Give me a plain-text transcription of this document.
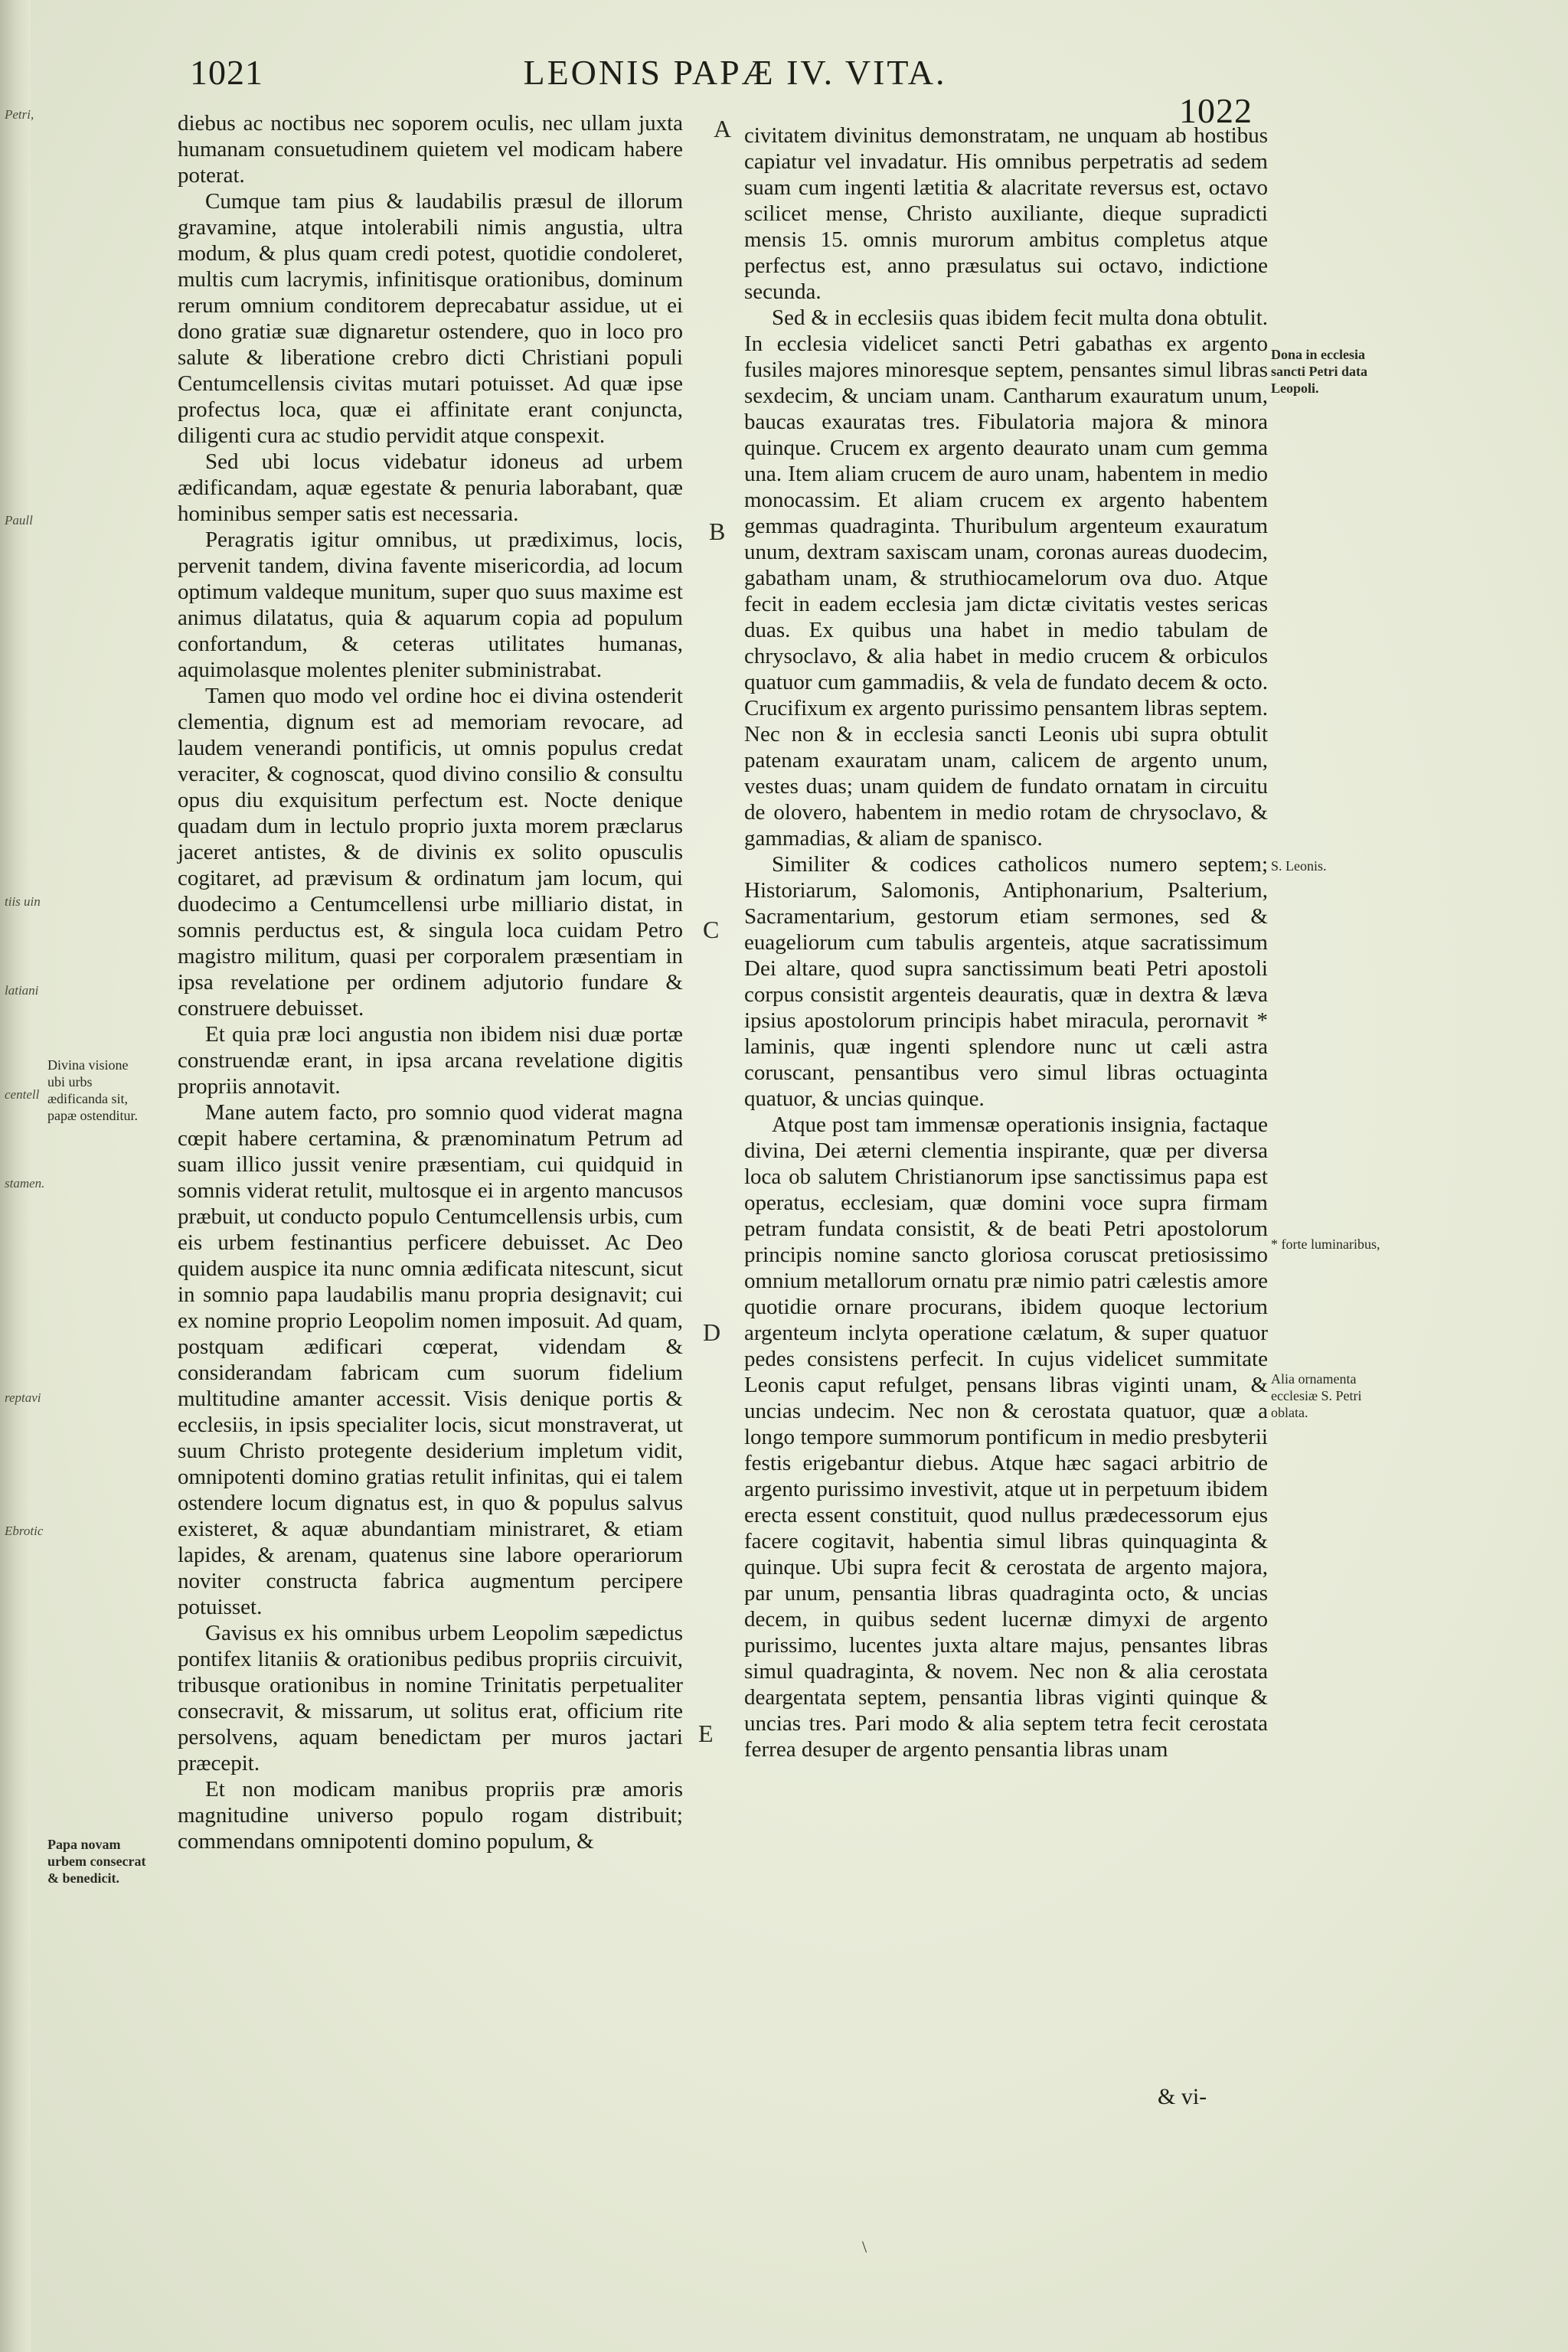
Petri,
Paull
tiis uin
latiani
centell
stamen.
reptavi
Ebrotic
1021	LEONIS PAPÆ IV. VITA.
1022

diebus ac noctibus nec soporem oculis, nec ullam juxta humanam consuetudinem quietem vel modicam habere poterat.

Cumque tam pius & laudabilis præsul de illorum gravamine, atque intolerabili nimis angustia, ultra modum, & plus quam credi potest, quotidie condoleret, multis cum lacrymis, infinitisque orationibus, dominum rerum omnium conditorem deprecabatur assidue, ut ei dono gratiæ suæ dignaretur ostendere, quo in loco pro salute & liberatione crebro dicti Christiani populi Centumcellensis civitas mutari potuisset. Ad quæ ipse profectus loca, quæ ei affinitate erant conjuncta, diligenti cura ac studio pervidit atque conspexit.

Sed ubi locus videbatur idoneus ad urbem ædificandam, aquæ egestate & penuria laborabant, quæ hominibus semper satis est necessaria.

Peragratis igitur omnibus, ut prædiximus, locis, pervenit tandem, divina favente misericordia, ad locum optimum valdeque munitum, super quo suus maxime est animus dilatatus, quia & aquarum copia ad populum confortandum, & ceteras utilitates humanas, aquimolasque molentes pleniter subministrabat.

Tamen quo modo vel ordine hoc ei divina ostenderit clementia, dignum est ad memoriam revocare, ad laudem venerandi pontificis, ut omnis populus credat veraciter, & cognoscat, quod divino consilio & consultu opus diu exquisitum perfectum est. Nocte denique quadam dum in lectulo proprio juxta morem præclarus jaceret antistes, & de divinis ex solito opusculis cogitaret, ad prævisum & ordinatum jam locum, qui duodecimo a Centumcellensi urbe milliario distat, in somnis perductus est, & singula loca cuidam Petro magistro militum, quasi per corporalem præsentiam in ipsa revelatione per ordinem adjutorio fundare & construere debuisset.

Et quia præ loci angustia non ibidem nisi duæ portæ construendæ erant, in ipsa arcana revelatione digitis propriis annotavit.

Mane autem facto, pro somnio quod viderat magna cœpit habere certamina, & prænominatum Petrum ad suam illico jussit venire præsentiam, cui quidquid in somnis viderat retulit, multosque ei in argento mancusos præbuit, ut conducto populo Centumcellensis urbis, cum eis urbem festinantius perficere debuisset. Ac Deo quidem auspice ita nunc omnia ædificata nitescunt, sicut in somnio papa laudabilis manu propria designavit; cui ex nomine proprio Leopolim nomen imposuit. Ad quam, postquam ædificari cœperat, videndam & considerandam fabricam cum suorum fidelium multitudine amanter accessit. Visis denique portis & ecclesiis, in ipsis specialiter locis, sicut monstraverat, ut suum Christo protegente desiderium impletum vidit, omnipotenti domino gratias retulit infinitas, qui ei talem ostendere locum dignatus est, in quo & populus salvus existeret, & aquæ abundantiam ministraret, & etiam lapides, & arenam, quatenus sine labore operariorum noviter constructa fabrica augmentum percipere potuisset.

Gavisus ex his omnibus urbem Leopolim sæpedictus pontifex litaniis & orationibus pedibus propriis circuivit, tribusque orationibus in nomine Trinitatis perpetualiter consecravit, & missarum, ut solitus erat, officium rite persolvens, aquam benedictam per muros jactari præcepit.

Et non modicam manibus propriis præ amoris magnitudine universo populo rogam distribuit; commendans omnipotenti domino populum, &

A
B
C
D
E

civitatem divinitus demonstratam, ne unquam ab hostibus capiatur vel invadatur. His omnibus perpetratis ad sedem suam cum ingenti lætitia & alacritate reversus est, octavo scilicet mense, Christo auxiliante, dieque supradicti mensis 15. omnis murorum ambitus completus atque perfectus est, anno præsulatus sui octavo, indictione secunda.

Sed & in ecclesiis quas ibidem fecit multa dona obtulit. In ecclesia videlicet sancti Petri gabathas ex argento fusiles majores minoresque septem, pensantes simul libras sexdecim, & unciam unam. Cantharum exauratum unum, baucas exauratas tres. Fibulatoria majora & minora quinque. Crucem ex argento deaurato unam cum gemma una. Item aliam crucem de auro unam, habentem in medio monocassim. Et aliam crucem ex argento habentem gemmas quadraginta. Thuribulum argenteum exauratum unum, dextram saxiscam unam, coronas aureas duodecim, gabatham unam, & struthiocamelorum ova duo. Atque fecit in eadem ecclesia jam dictæ civitatis vestes sericas duas. Ex quibus una habet in medio tabulam de chrysoclavo, & alia habet in medio crucem & orbiculos quatuor cum gammadiis, & vela de fundato decem & octo. Crucifixum ex argento purissimo pensantem libras septem. Nec non & in ecclesia sancti Leonis ubi supra obtulit patenam exauratam unam, calicem de argento unum, vestes duas; unam quidem de fundato ornatam in circuitu de olovero, habentem in medio rotam de chrysoclavo, & gammadias, & aliam de spanisco.

Similiter & codices catholicos numero septem; Historiarum, Salomonis, Antiphonarium, Psalterium, Sacramentarium, gestorum etiam sermones, sed & euageliorum cum tabulis argenteis, atque sacratissimum Dei altare, quod supra sanctissimum beati Petri apostoli corpus consistit argenteis deauratis, quæ in dextra & læva ipsius apostolorum principis habet miracula, perornavit * laminis, quæ ingenti splendore nunc ut cæli astra coruscant, pensantibus vero simul libras octuaginta quatuor, & uncias quinque.

Atque post tam immensæ operationis insignia, factaque divina, Dei æterni clementia inspirante, quæ per diversa loca ob salutem Christianorum ipse sanctissimus papa est operatus, ecclesiam, quæ domini voce supra firmam petram fundata consistit, & de beati Petri apostolorum principis nomine sancto gloriosa coruscat pretiosissimo omnium metallorum ornatu præ nimio patri cælestis amore quotidie ornare procurans, ibidem quoque lectorium argenteum inclyta operatione cælatum, & super quatuor pedes consistens perfecit. In cujus videlicet summitate Leonis caput refulget, pensans libras viginti unam, & uncias undecim. Nec non & cerostata quatuor, quæ a longo tempore summorum pontificum in medio presbyterii festis erigebantur diebus. Atque hæc sagaci arbitrio de argento purissimo investivit, atque ut in perpetuum ibidem erecta essent constituit, quod nullus prædecessorum ejus facere cogitavit, habentia simul libras quinquaginta & quinque. Ubi supra fecit & cerostata de argento majora, par unum, pensantia libras quadraginta octo, & uncias decem, in quibus sedent lucernæ dimyxi de argento purissimo, lucentes juxta altare majus, pensantes libras simul quadraginta, & novem. Nec non & alia cerostata deargentata septem, pensantia libras viginti quinque & uncias tres. Pari modo & alia septem tetra fecit cerostata ferrea desuper de argento pensantia libras unam

Divina visione ubi urbs ædificanda sit, papæ ostenditur.
Papa novam urbem consecrat & benedicit.
Dona in ecclesia sancti Petri data Leopoli.
S. Leonis.
* forte luminaribus,
Alia ornamenta ecclesiæ S. Petri oblata.
& vi-
\
